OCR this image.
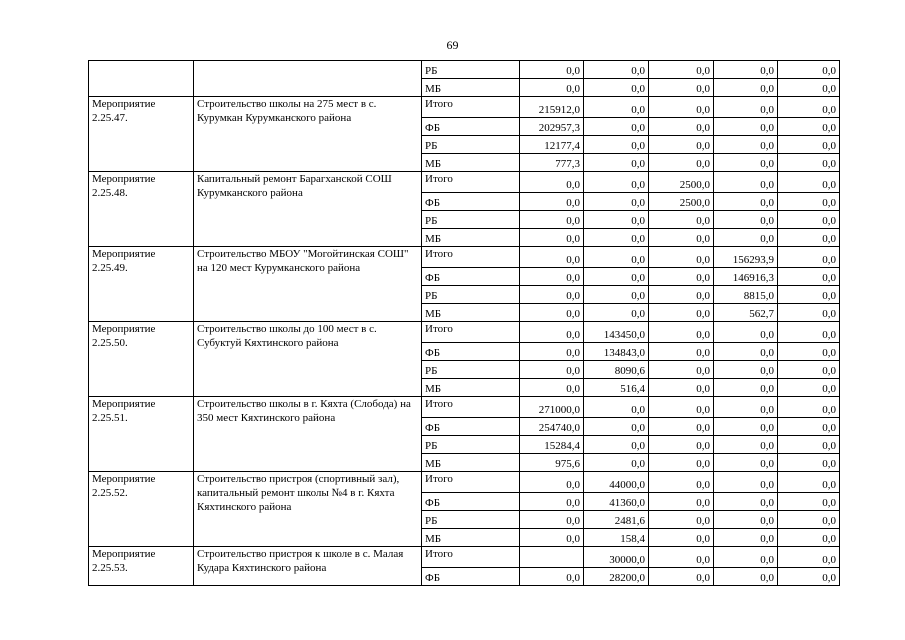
69
		РБ	0,0	0,0	0,0	0,0	0,0
		МБ	0,0	0,0	0,0	0,0	0,0
Мероприятие 2.25.47.	Строительство школы на 275 мест в с. Курумкан Курумканского района	Итого	215912,0	0,0	0,0	0,0	0,0
		ФБ	202957,3	0,0	0,0	0,0	0,0
		РБ	12177,4	0,0	0,0	0,0	0,0
		МБ	777,3	0,0	0,0	0,0	0,0
Мероприятие 2.25.48.	Капитальный ремонт Барагханской СОШ Курумканского района	Итого	0,0	0,0	2500,0	0,0	0,0
		ФБ	0,0	0,0	2500,0	0,0	0,0
		РБ	0,0	0,0	0,0	0,0	0,0
		МБ	0,0	0,0	0,0	0,0	0,0
Мероприятие 2.25.49.	Строительство МБОУ "Могойтинская СОШ" на 120 мест Курумканского района	Итого	0,0	0,0	0,0	156293,9	0,0
		ФБ	0,0	0,0	0,0	146916,3	0,0
		РБ	0,0	0,0	0,0	8815,0	0,0
		МБ	0,0	0,0	0,0	562,7	0,0
Мероприятие 2.25.50.	Строительство школы до 100 мест в с. Субуктуй Кяхтинского района	Итого	0,0	143450,0	0,0	0,0	0,0
		ФБ	0,0	134843,0	0,0	0,0	0,0
		РБ	0,0	8090,6	0,0	0,0	0,0
		МБ	0,0	516,4	0,0	0,0	0,0
Мероприятие 2.25.51.	Строительство школы в г. Кяхта (Слобода) на 350 мест Кяхтинского района	Итого	271000,0	0,0	0,0	0,0	0,0
		ФБ	254740,0	0,0	0,0	0,0	0,0
		РБ	15284,4	0,0	0,0	0,0	0,0
		МБ	975,6	0,0	0,0	0,0	0,0
Мероприятие 2.25.52.	Строительство пристроя (спортивный зал), капитальный ремонт школы №4 в г. Кяхта Кяхтинского района	Итого	0,0	44000,0	0,0	0,0	0,0
		ФБ	0,0	41360,0	0,0	0,0	0,0
		РБ	0,0	2481,6	0,0	0,0	0,0
		МБ	0,0	158,4	0,0	0,0	0,0
Мероприятие 2.25.53.	Строительство пристроя к школе в с. Малая Кудара Кяхтинского района	Итого		30000,0	0,0	0,0	0,0
		ФБ	0,0	28200,0	0,0	0,0	0,0
